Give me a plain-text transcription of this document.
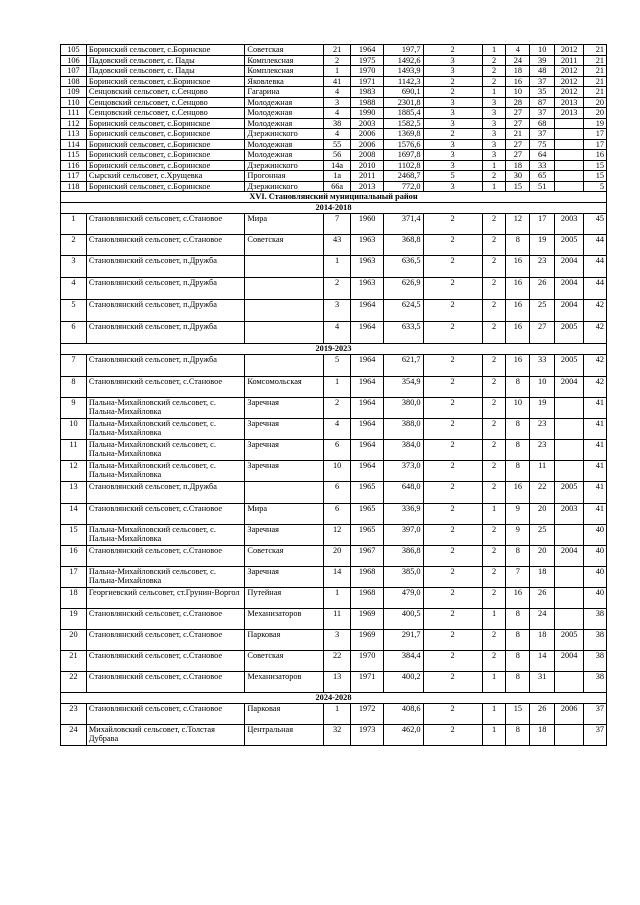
105	Боринский сельсовет, с.Боринское	Советская	21	1964	197,7	2	1	4	10	2012	21
106	Падовский сельсовет, с. Пады	Комплексная	2	1975	1492,6	3	2	24	39	2011	21
107	Падовский сельсовет, с. Пады	Комплексная	1	1970	1493,9	3	2	18	48	2012	21
108	Боринский сельсовет, с.Боринское	Яковлевка	41	1971	1142,3	2	2	16	37	2012	21
109	Сенцовский сельсовет, с.Сенцово	Гагарина	4	1983	690,1	2	1	10	35	2012	21
110	Сенцовский сельсовет, с.Сенцово	Молодежная	3	1988	2301,8	3	3	28	87	2013	20
111	Сенцовский сельсовет, с.Сенцово	Молодежная	4	1990	1885,4	3	3	27	37	2013	20
112	Боринский сельсовет, с.Боринское	Молодежная	38	2003	1582,5	3	3	27	68		19
113	Боринский сельсовет, с.Боринское	Дзержинского	4	2006	1369,8	2	3	21	37		17
114	Боринский сельсовет, с.Боринское	Молодежная	55	2006	1576,6	3	3	27	75		17
115	Боринский сельсовет, с.Боринское	Молодежная	56	2008	1697,8	3	3	27	64		16
116	Боринский сельсовет, с.Боринское	Дзержинского	14а	2010	1102,8	3	1	18	33		15
117	Сырский сельсовет, с.Хрущевка	Прогонная	1а	2011	2468,7	5	2	30	65		15
118	Боринский сельсовет, с.Боринское	Дзержинского	66а	2013	772,0	3	1	15	51		5
XVI. Становлянский муниципальный район											
2014-2018											
1	Становлянский сельсовет, с.Становое	Мира	7	1960	371,4	2	2	12	17	2003	45
2	Становлянский сельсовет, с.Становое	Советская	43	1963	368,8	2	2	8	19	2005	44
3	Становлянский сельсовет, п.Дружба		1	1963	636,5	2	2	16	23	2004	44
4	Становлянский сельсовет, п.Дружба		2	1963	626,9	2	2	16	26	2004	44
5	Становлянский сельсовет, п.Дружба		3	1964	624,5	2	2	16	25	2004	42
6	Становлянский сельсовет, п.Дружба		4	1964	633,5	2	2	16	27	2005	42
2019-2023											
7	Становлянский сельсовет, п.Дружба		5	1964	621,7	2	2	16	33	2005	42
8	Становлянский сельсовет, с.Становое	Комсомольская	1	1964	354,9	2	2	8	10	2004	42
9	Пальна-Михайловский сельсовет, с. Пальна-Михайловка	Заречная	2	1964	380,0	2	2	10	19		41
10	Пальна-Михайловский сельсовет, с. Пальна-Михайловка	Заречная	4	1964	388,0	2	2	8	23		41
11	Пальна-Михайловский сельсовет, с. Пальна-Михайловка	Заречная	6	1964	384,0	2	2	8	23		41
12	Пальна-Михайловский сельсовет, с. Пальна-Михайловка	Заречная	10	1964	373,0	2	2	8	11		41
13	Становлянский сельсовет, п.Дружба		6	1965	648,0	2	2	16	22	2005	41
14	Становлянский сельсовет, с.Становое	Мира	6	1965	336,9	2	1	9	20	2003	41
15	Пальна-Михайловский сельсовет, с. Пальна-Михайловка	Заречная	12	1965	397,0	2	2	9	25		40
16	Становлянский сельсовет, с.Становое	Советская	20	1967	386,8	2	2	8	20	2004	40
17	Пальна-Михайловский сельсовет, с. Пальна-Михайловка	Заречная	14	1968	385,0	2	2	7	18		40
18	Георгиевский сельсовет, ст.Грунин-Воргол	Путейная	1	1968	479,0	2	2	16	26		40
19	Становлянский сельсовет, с.Становое	Механизаторов	11	1969	400,5	2	1	8	24		38
20	Становлянский сельсовет, с.Становое	Парковая	3	1969	291,7	2	2	8	18	2005	38
21	Становлянский сельсовет, с.Становое	Советская	22	1970	384,4	2	2	8	14	2004	38
22	Становлянский сельсовет, с.Становое	Механизаторов	13	1971	400,2	2	1	8	31		38
2024-2028											
23	Становлянский сельсовет, с.Становое	Парковая	1	1972	408,6	2	1	15	26	2006	37
24	Михайловский сельсовет, с.Толстая Дубрава	Центральная	32	1973	462,0	2	1	8	18		37
